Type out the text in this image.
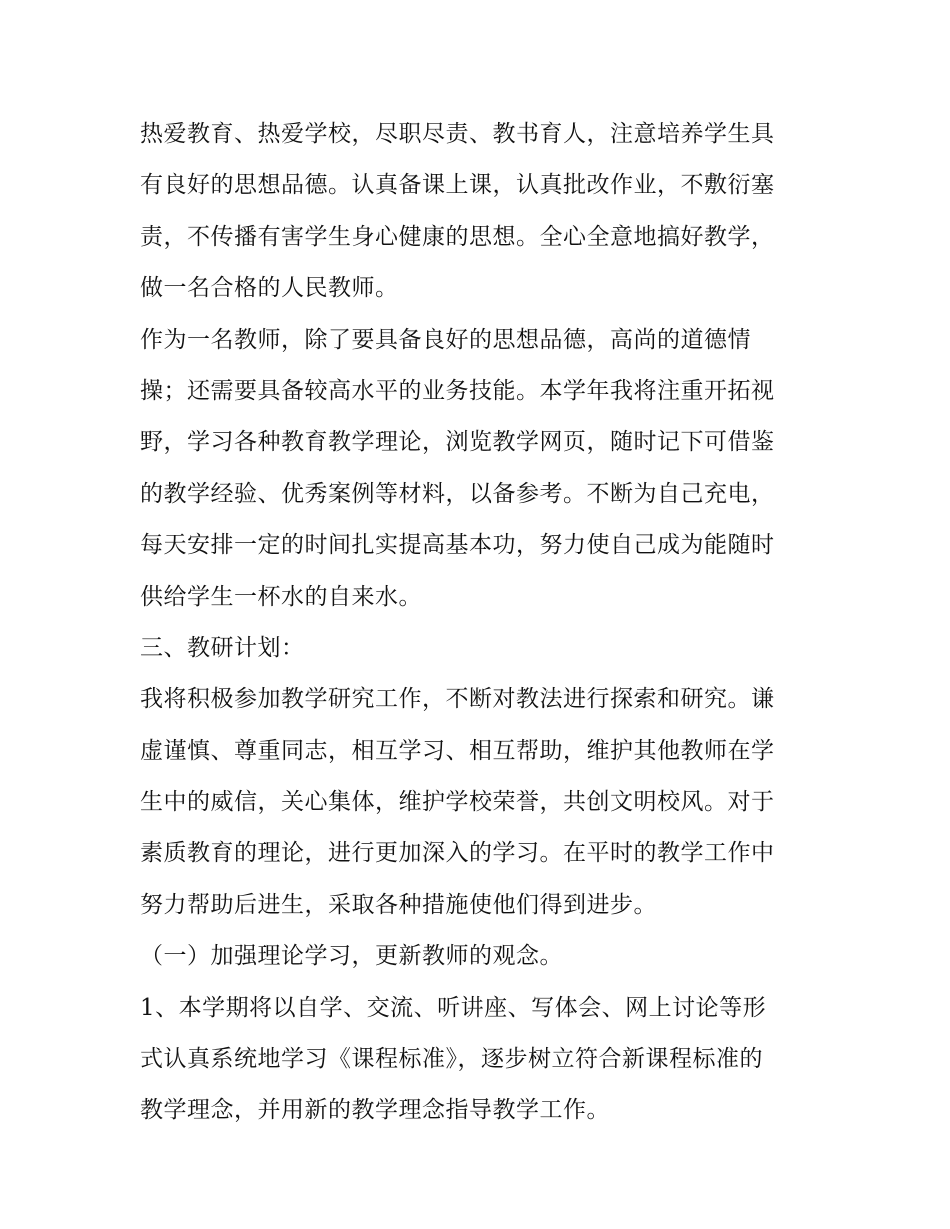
热爱教育、热爱学校，尽职尽责、教书育人，注意培养学生具
有良好的思想品德。认真备课上课，认真批改作业，不敷衍塞
责，不传播有害学生身心健康的思想。全心全意地搞好教学，
做一名合格的人民教师。
作为一名教师，除了要具备良好的思想品德，高尚的道德情
操；还需要具备较高水平的业务技能。本学年我将注重开拓视
野，学习各种教育教学理论，浏览教学网页，随时记下可借鉴
的教学经验、优秀案例等材料，以备参考。不断为自己充电，
每天安排一定的时间扎实提高基本功，努力使自己成为能随时
供给学生一杯水的自来水。
三、教研计划：
我将积极参加教学研究工作，不断对教法进行探索和研究。谦
虚谨慎、尊重同志，相互学习、相互帮助，维护其他教师在学
生中的威信，关心集体，维护学校荣誉，共创文明校风。对于
素质教育的理论，进行更加深入的学习。在平时的教学工作中
努力帮助后进生，采取各种措施使他们得到进步。
（一）加强理论学习，更新教师的观念。
1、本学期将以自学、交流、听讲座、写体会、网上讨论等形
式认真系统地学习《课程标准》，逐步树立符合新课程标准的
教学理念，并用新的教学理念指导教学工作。
